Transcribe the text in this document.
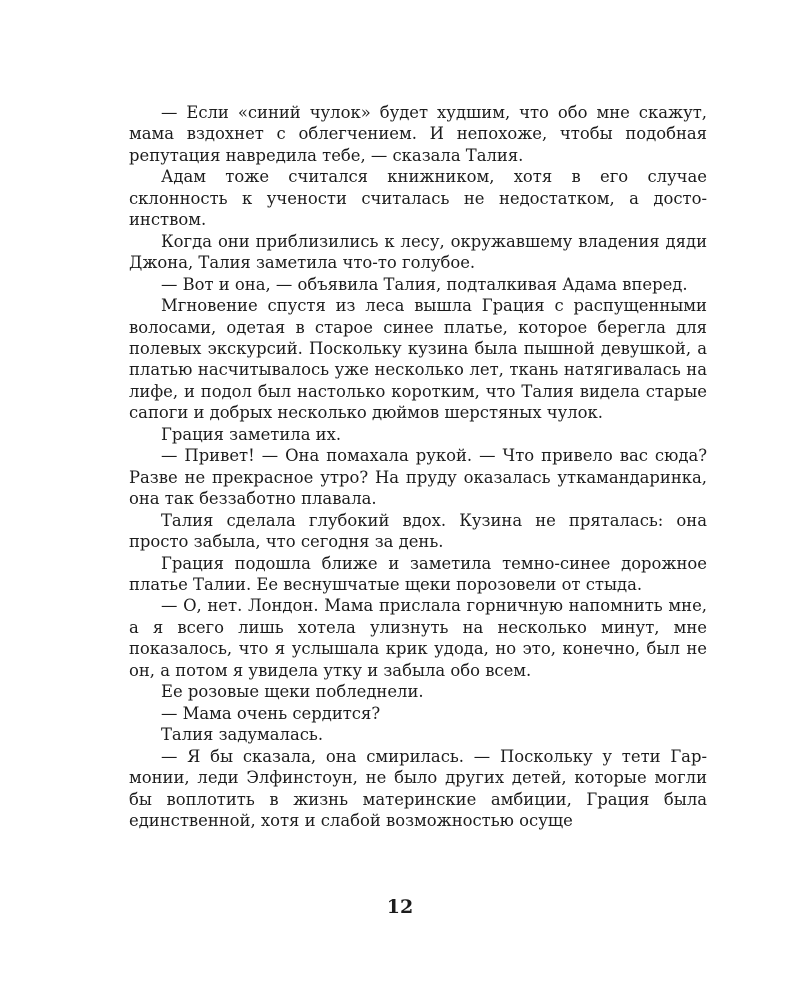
— Если «синий чулок» будет худшим, что обо мне скажут, мама вздохнет с облегчением. И непохоже, чтобы подобная репутация навредила тебе, — сказала Талия.

Адам тоже считался книжником, хотя в его случае склонность к учености считалась не недостатком, а достоинством.

Когда они приблизились к лесу, окружавшему владения дяди Джона, Талия заметила что-то голубое.

— Вот и она, — объявила Талия, подталкивая Адама вперед.

Мгновение спустя из леса вышла Грация с распущенными волосами, одетая в старое синее платье, которое берегла для полевых экскурсий. Поскольку кузина была пышной девушкой, а платью насчитывалось уже несколько лет, ткань натягивалась на лифе, и подол был настолько коротким, что Талия видела старые сапоги и добрых несколько дюймов шерстяных чулок.

Грация заметила их.

— Привет! — Она помахала рукой. — Что привело вас сюда? Разве не прекрасное утро? На пруду оказалась уткамандаринка, она так беззаботно плавала.

Талия сделала глубокий вдох. Кузина не пряталась: она просто забыла, что сегодня за день.

Грация подошла ближе и заметила темно-синее дорожное платье Талии. Ее веснушчатые щеки порозовели от стыда.

— О, нет. Лондон. Мама прислала горничную напомнить мне, а я всего лишь хотела улизнуть на несколько минут, мне показалось, что я услышала крик удода, но это, конечно, был не он, а потом я увидела утку и забыла обо всем.

Ее розовые щеки побледнели.

— Мама очень сердится?

Талия задумалась.

— Я бы сказала, она смирилась. — Поскольку у тети Гармонии, леди Элфинстоун, не было других детей, которые могли бы воплотить в жизнь материнские амбиции, Грация была единственной, хотя и слабой возможностью осуще

12
